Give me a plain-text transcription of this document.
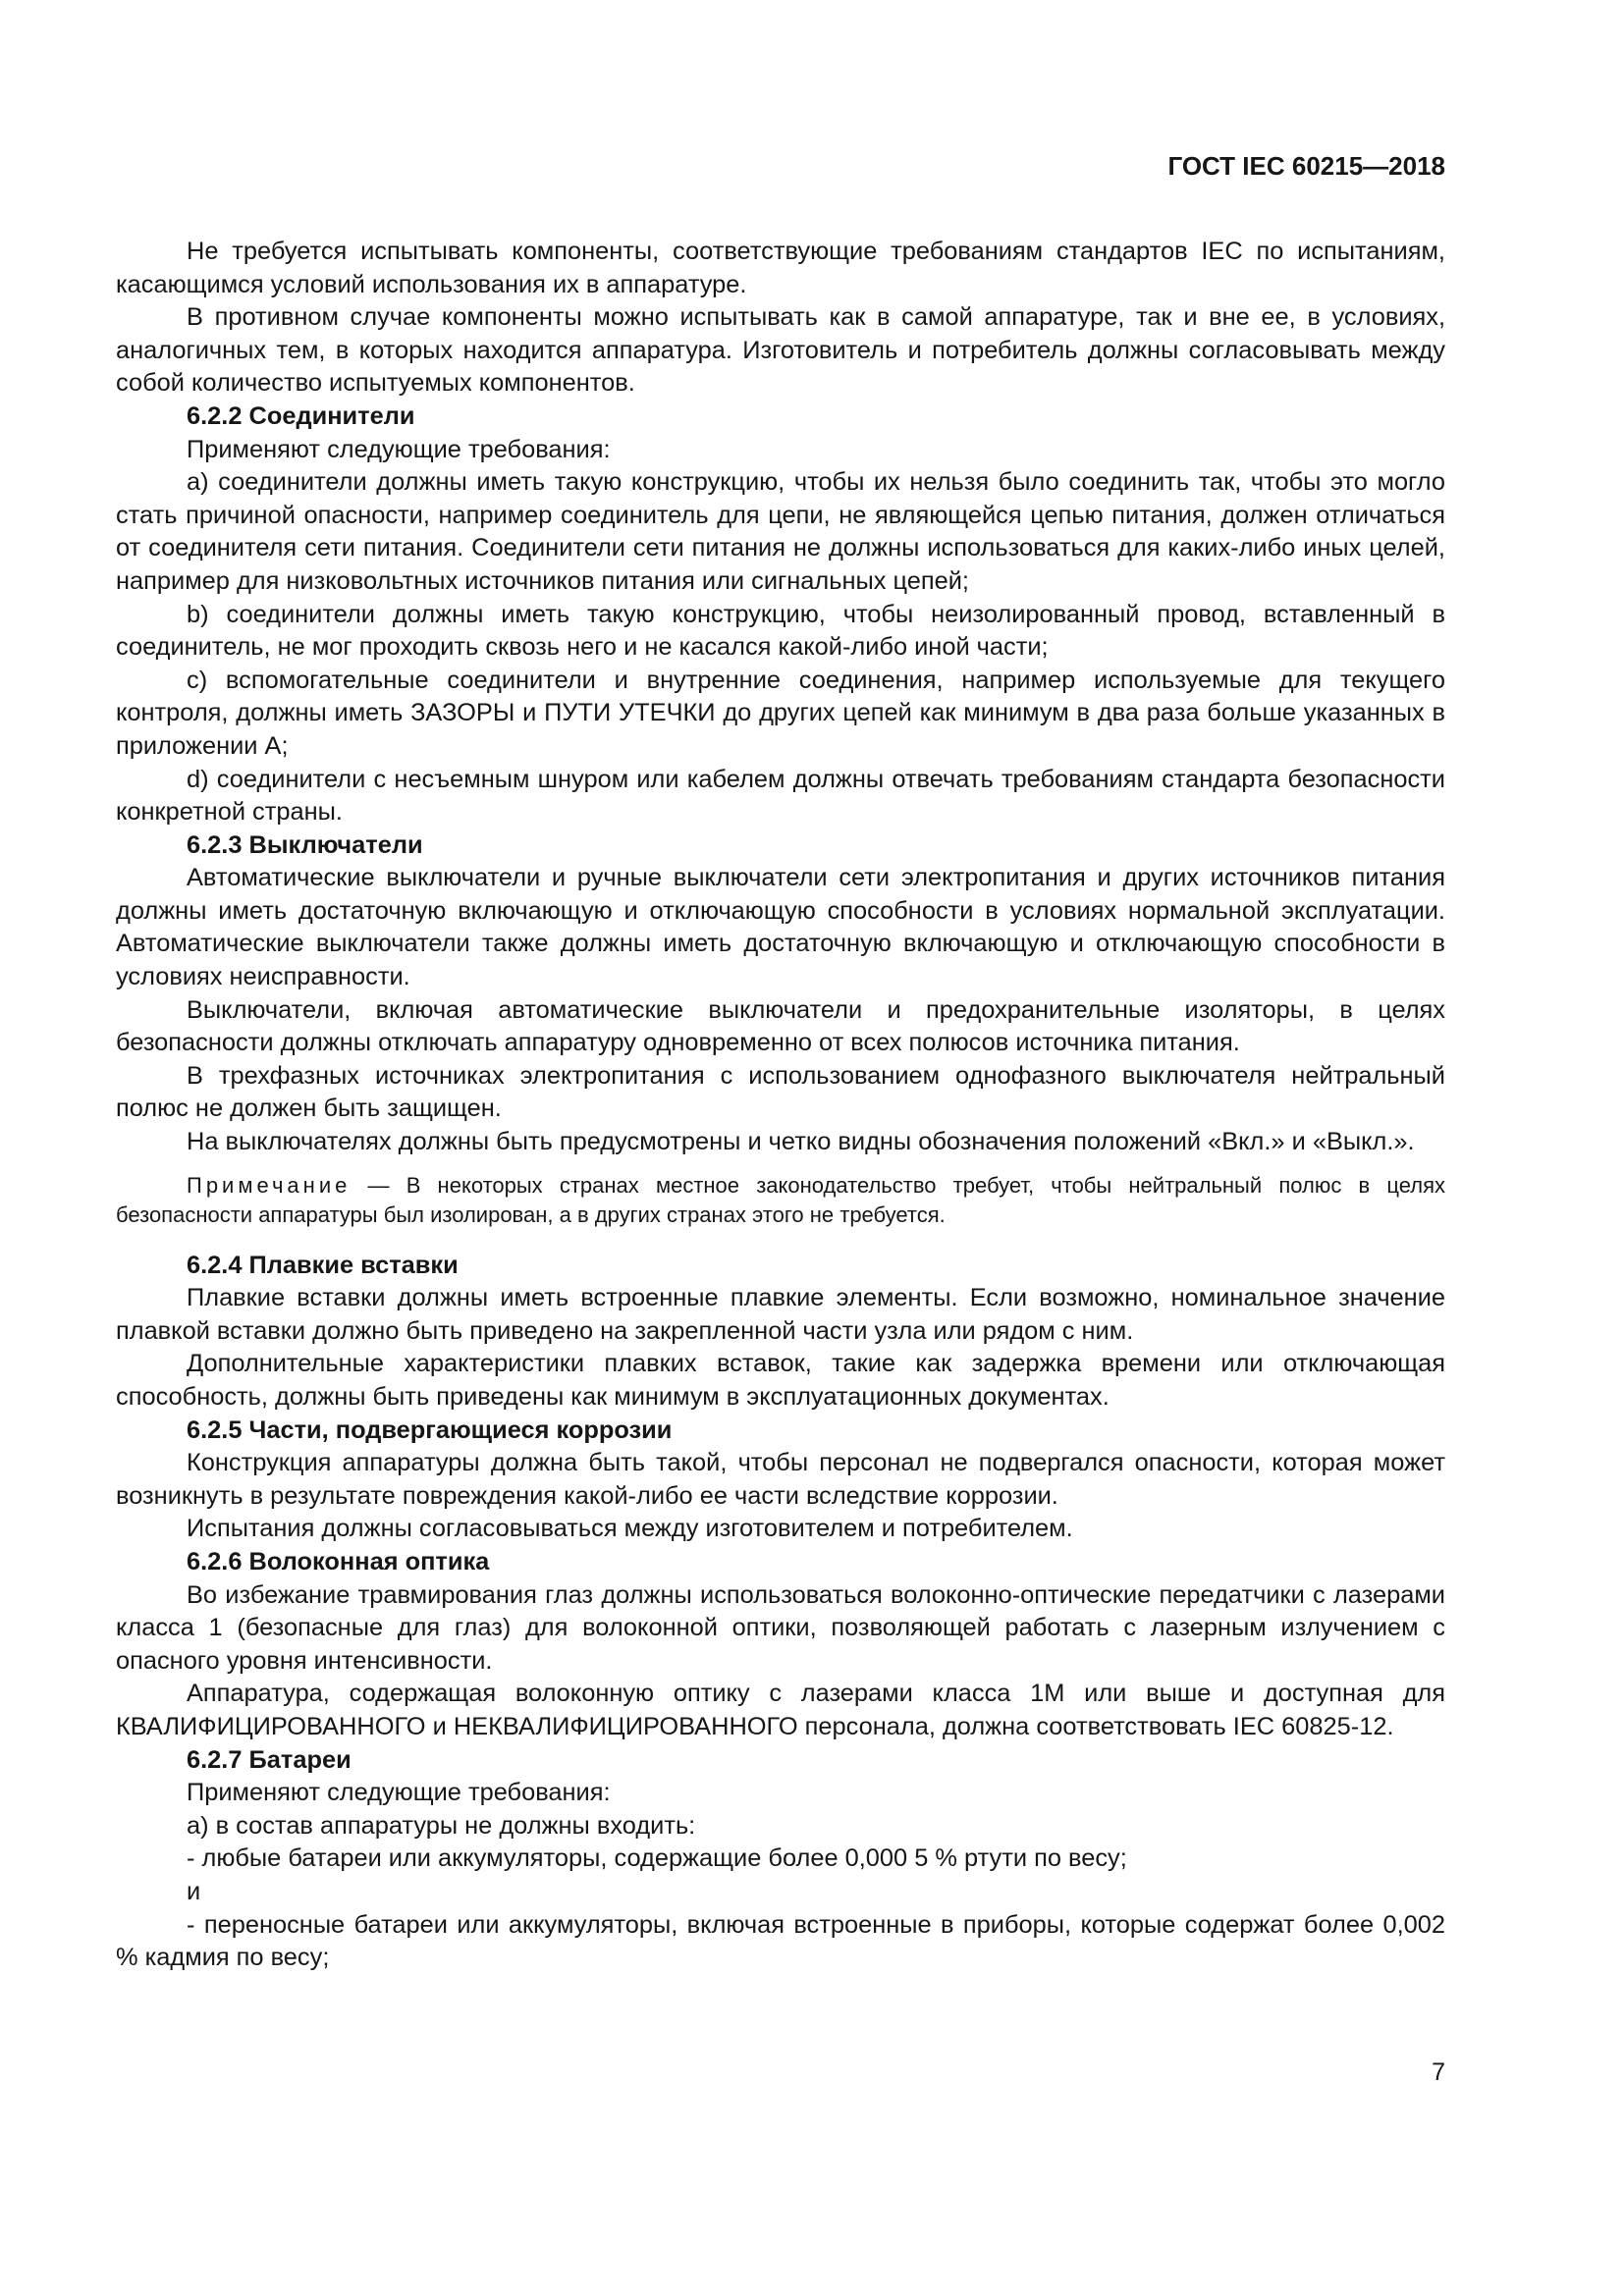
ГОСТ IEC 60215—2018

Не требуется испытывать компоненты, соответствующие требованиям стандартов IEC по испытаниям, касающимся условий использования их в аппаратуре.

В противном случае компоненты можно испытывать как в самой аппаратуре, так и вне ее, в условиях, аналогичных тем, в которых находится аппаратура. Изготовитель и потребитель должны согласовывать между собой количество испытуемых компонентов.

6.2.2 Соединители

Применяют следующие требования:

а) соединители должны иметь такую конструкцию, чтобы их нельзя было соединить так, чтобы это могло стать причиной опасности, например соединитель для цепи, не являющейся цепью питания, должен отличаться от соединителя сети питания. Соединители сети питания не должны использоваться для каких-либо иных целей, например для низковольтных источников питания или сигнальных цепей;

b) соединители должны иметь такую конструкцию, чтобы неизолированный провод, вставленный в соединитель, не мог проходить сквозь него и не касался какой-либо иной части;

c) вспомогательные соединители и внутренние соединения, например используемые для текущего контроля, должны иметь ЗАЗОРЫ и ПУТИ УТЕЧКИ до других цепей как минимум в два раза больше указанных в приложении А;

d) соединители с несъемным шнуром или кабелем должны отвечать требованиям стандарта безопасности конкретной страны.

6.2.3 Выключатели

Автоматические выключатели и ручные выключатели сети электропитания и других источников питания должны иметь достаточную включающую и отключающую способности в условиях нормальной эксплуатации. Автоматические выключатели также должны иметь достаточную включающую и отключающую способности в условиях неисправности.

Выключатели, включая автоматические выключатели и предохранительные изоляторы, в целях безопасности должны отключать аппаратуру одновременно от всех полюсов источника питания.

В трехфазных источниках электропитания с использованием однофазного выключателя нейтральный полюс не должен быть защищен.

На выключателях должны быть предусмотрены и четко видны обозначения положений «Вкл.» и «Выкл.».

Примечание — В некоторых странах местное законодательство требует, чтобы нейтральный полюс в целях безопасности аппаратуры был изолирован, а в других странах этого не требуется.

6.2.4 Плавкие вставки

Плавкие вставки должны иметь встроенные плавкие элементы. Если возможно, номинальное значение плавкой вставки должно быть приведено на закрепленной части узла или рядом с ним.

Дополнительные характеристики плавких вставок, такие как задержка времени или отключающая способность, должны быть приведены как минимум в эксплуатационных документах.

6.2.5 Части, подвергающиеся коррозии

Конструкция аппаратуры должна быть такой, чтобы персонал не подвергался опасности, которая может возникнуть в результате повреждения какой-либо ее части вследствие коррозии.

Испытания должны согласовываться между изготовителем и потребителем.

6.2.6 Волоконная оптика

Во избежание травмирования глаз должны использоваться волоконно-оптические передатчики с лазерами класса 1 (безопасные для глаз) для волоконной оптики, позволяющей работать с лазерным излучением с опасного уровня интенсивности.

Аппаратура, содержащая волоконную оптику с лазерами класса 1М или выше и доступная для КВАЛИФИЦИРОВАННОГО и НЕКВАЛИФИЦИРОВАННОГО персонала, должна соответствовать IEC 60825-12.

6.2.7 Батареи

Применяют следующие требования:

а) в состав аппаратуры не должны входить:

- любые батареи или аккумуляторы, содержащие более 0,000 5 % ртути по весу;

и

- переносные батареи или аккумуляторы, включая встроенные в приборы, которые содержат более 0,002 % кадмия по весу;

7
